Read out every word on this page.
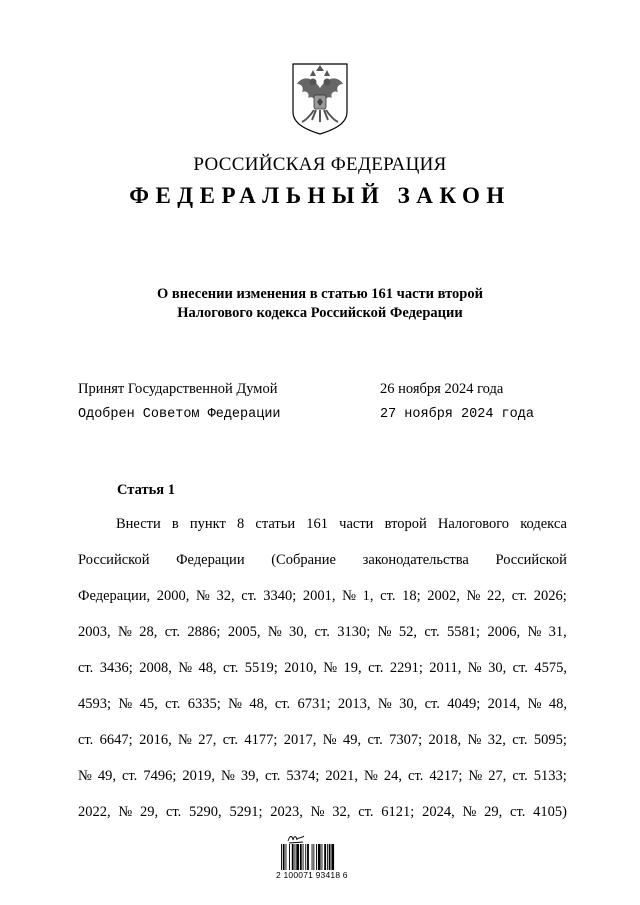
РОССИЙСКАЯ ФЕДЕРАЦИЯ
ФЕДЕРАЛЬНЫЙ ЗАКОН
О внесении изменения в статью 161 части второй
Налогового кодекса Российской Федерации
Принят Государственной Думой	26 ноября 2024 года
Одобрен Советом Федерации	27 ноября 2024 года
Статья 1
Внести в пункт 8 статьи 161 части второй Налогового кодекса
Российской Федерации (Собрание законодательства Российской
Федерации, 2000, № 32, ст. 3340; 2001, № 1, ст. 18; 2002, № 22, ст. 2026;
2003, № 28, ст. 2886; 2005, № 30, ст. 3130; № 52, ст. 5581; 2006, № 31,
ст. 3436; 2008, № 48, ст. 5519; 2010, № 19, ст. 2291; 2011, № 30, ст. 4575,
4593; № 45, ст. 6335; № 48, ст. 6731; 2013, № 30, ст. 4049; 2014, № 48,
ст. 6647; 2016, № 27, ст. 4177; 2017, № 49, ст. 7307; 2018, № 32, ст. 5095;
№ 49, ст. 7496; 2019, № 39, ст. 5374; 2021, № 24, ст. 4217; № 27, ст. 5133;
2022, № 29, ст. 5290, 5291; 2023, № 32, ст. 6121; 2024, № 29, ст. 4105)
2 100071 93418 6
